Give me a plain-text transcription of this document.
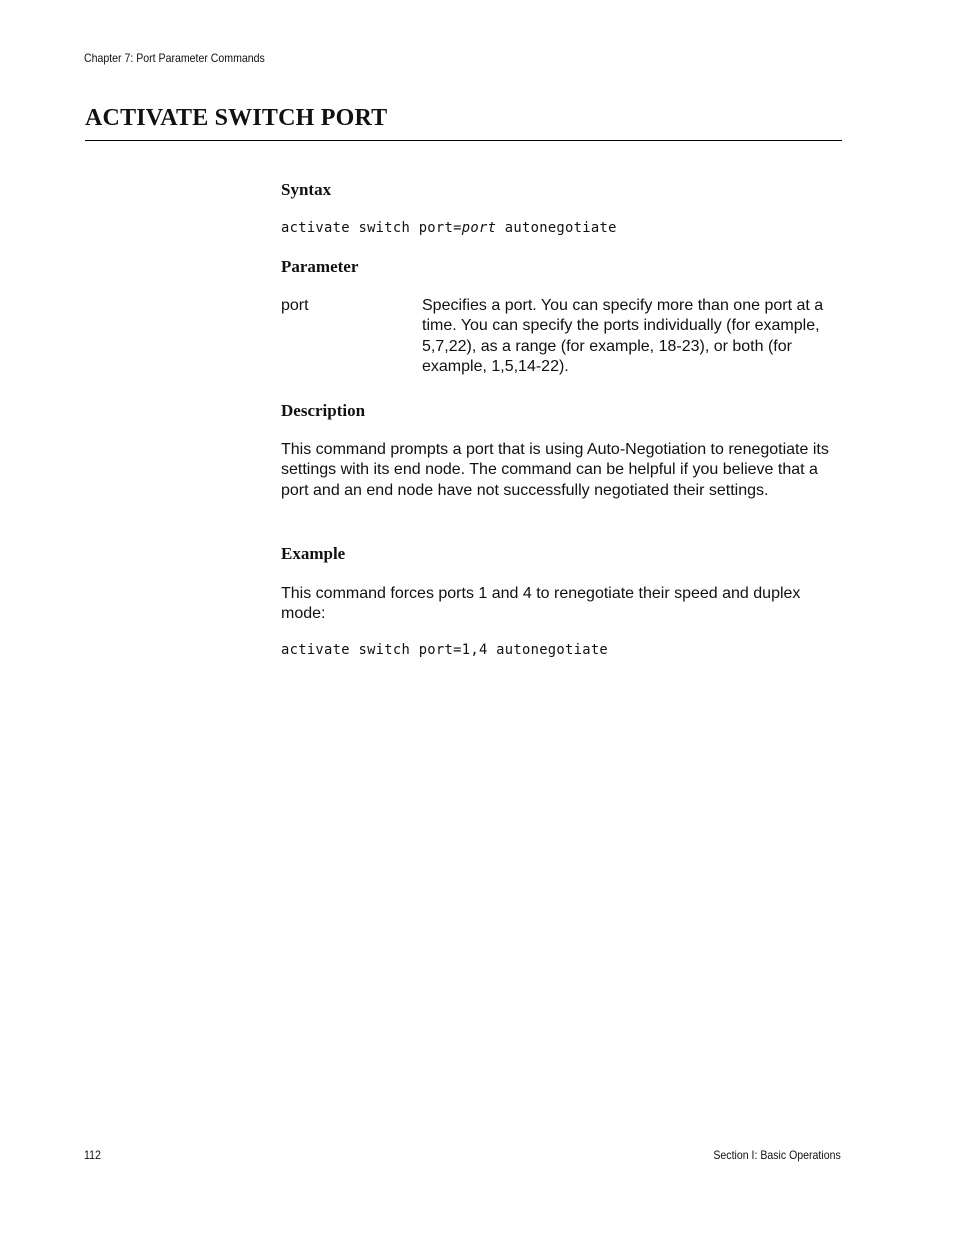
Chapter 7: Port Parameter Commands
ACTIVATE SWITCH PORT
Syntax
activate switch port=port autonegotiate
Parameter
port	Specifies a port. You can specify more than one port at a time. You can specify the ports individually (for example, 5,7,22), as a range (for example, 18-23), or both (for example, 1,5,14-22).

Description

This command prompts a port that is using Auto-Negotiation to renegotiate its settings with its end node. The command can be helpful if you believe that a port and an end node have not successfully negotiated their settings.

Example

This command forces ports 1 and 4 to renegotiate their speed and duplex mode:

activate switch port=1,4 autonegotiate
112	Section I: Basic Operations
